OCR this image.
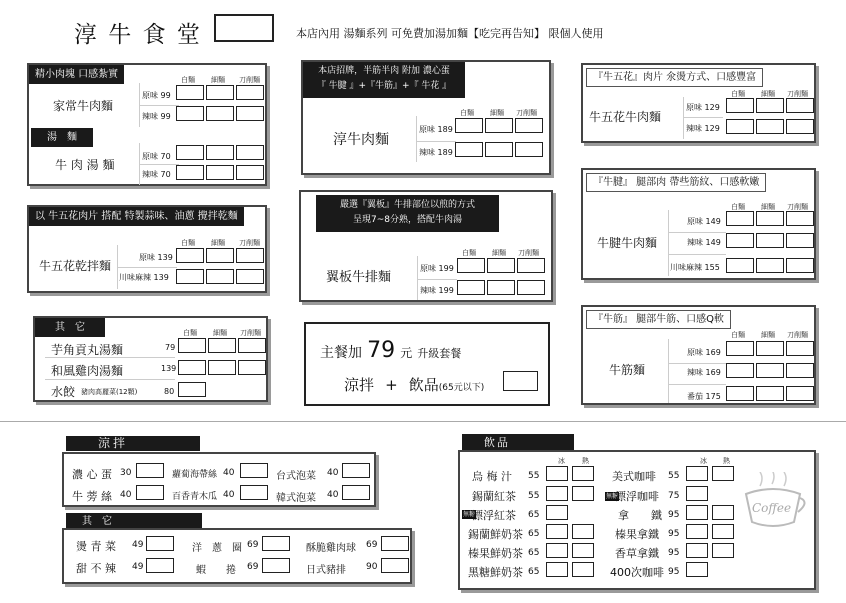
淳 牛 食 堂	本店內用 湯麵系列 可免費加湯加麵【吃完再告知】 限個人使用
精小肉塊 口感紮實	白麵 細麵 刀削麵
家常牛肉麵
原味 99
辣味 99
湯　麵
牛 肉 湯 麵
原味 70
辣味 70
以 牛五花肉片 搭配 特製蒜味、油蔥 攪拌乾麵
白麵 細麵 刀削麵
牛五花乾拌麵
原味 139
川味麻辣 139
其　它	白麵 細麵 刀削麵
芋角貢丸湯麵	79
和風雞肉湯麵	139
水餃 豬肉高麗菜(12顆)	80
本店招牌，半筋半肉 附加 濃心蛋
『 牛腱 』+『牛筋』+『 牛花 』
白麵 細麵 刀削麵
淳牛肉麵
原味 189
辣味 189
嚴選『翼板』牛排部位以煎的方式
呈現7~8分熟，搭配牛肉湯
白麵 細麵 刀削麵
翼板牛排麵
原味 199
辣味 199
主餐加 79 元 升級套餐
涼拌 + 飲品(65元以下)
『牛五花』肉片 氽燙方式、口感豐富
白麵 細麵 刀削麵
牛五花牛肉麵
原味 129
辣味 129
『牛腱』 腿部肉 帶些筋紋、口感軟嫩
白麵 細麵 刀削麵
牛腱牛肉麵
原味 149
辣味 149
川味麻辣 155
『牛筋』 腿部牛筋、口感Q軟
白麵 細麵 刀削麵
牛筋麵
原味 169
辣味 169
番茄 175
涼拌
濃 心 蛋 30	蘿蔔海帶絲 40	台式泡菜 40
牛 蒡 絲 40	百香青木瓜 40	韓式泡菜 40
其　它
燙 青 菜 49	洋　蔥　圈 69	酥脆雞肉球 69
甜 不 辣 49	蝦　　捲 69	日式豬排 90
飲品
冰 熱	冰 熱
烏 梅 汁 55
錫蘭紅茶 55
無糖
漂浮紅茶 65
錫蘭鮮奶茶 65
榛果鮮奶茶 65
黑糖鮮奶茶 65
美式咖啡 55
無糖
漂浮咖啡 75
拿　　鐵 95
榛果拿鐵 95
香草拿鐵 95
400次咖啡 95
Coffee
